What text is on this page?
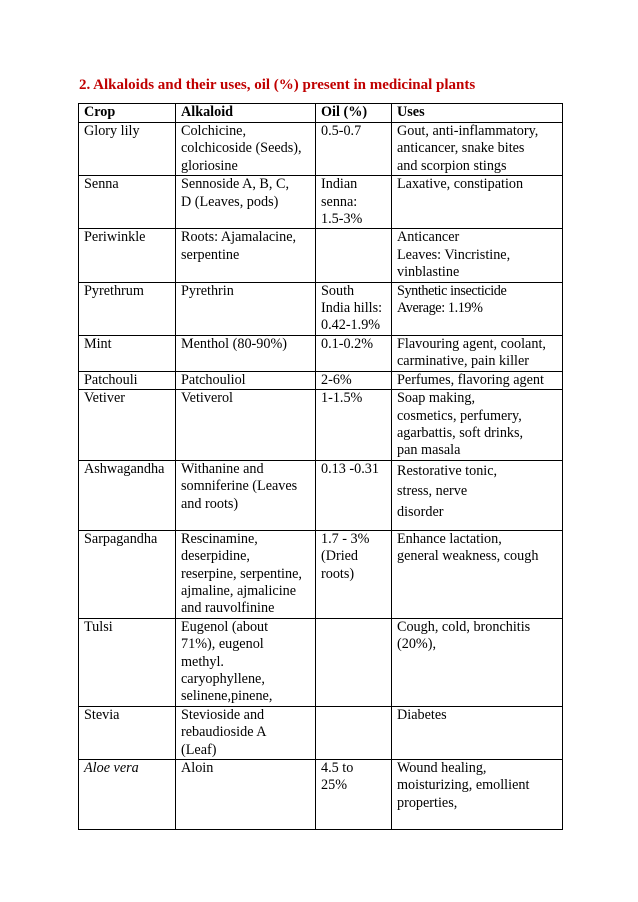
2. Alkaloids and their uses, oil (%) present in medicinal plants
Crop	Alkaloid	Oil (%)	Uses

Glory lily	Colchicine,
colchicoside (Seeds),
gloriosine	0.5-0.7	Gout, anti-inflammatory,
anticancer, snake bites
and scorpion stings

Senna	Sennoside A, B, C,
D (Leaves, pods)	Indian
senna:
1.5-3%	Laxative, constipation

Periwinkle	Roots: Ajamalacine,
serpentine		Anticancer
Leaves: Vincristine,
vinblastine

Pyrethrum	Pyrethrin	South
India hills:
0.42-1.9%	Synthetic insecticide
Average: 1.19%

Mint	Menthol (80-90%)	0.1-0.2%	Flavouring agent, coolant,
carminative, pain killer

Patchouli	Patchouliol	2-6%	Perfumes, flavoring agent

Vetiver	Vetiverol	1-1.5%	Soap making,
cosmetics, perfumery,
agarbattis, soft drinks,
pan masala

Ashwagandha	Withanine and
somniferine (Leaves
and roots)	0.13 -0.31	Restorative tonic,
stress, nerve
disorder

Sarpagandha	Rescinamine,
deserpidine,
reserpine, serpentine,
ajmaline, ajmalicine
and rauvolfinine	1.7 - 3%
(Dried
roots)	Enhance lactation,
general weakness, cough

Tulsi	Eugenol (about
71%), eugenol
methyl.
caryophyllene,
selinene,pinene,		Cough, cold, bronchitis
(20%),

Stevia	Stevioside and
rebaudioside A
(Leaf)		Diabetes

Aloe vera	Aloin	4.5 to
25%	Wound healing,
moisturizing, emollient
properties,
